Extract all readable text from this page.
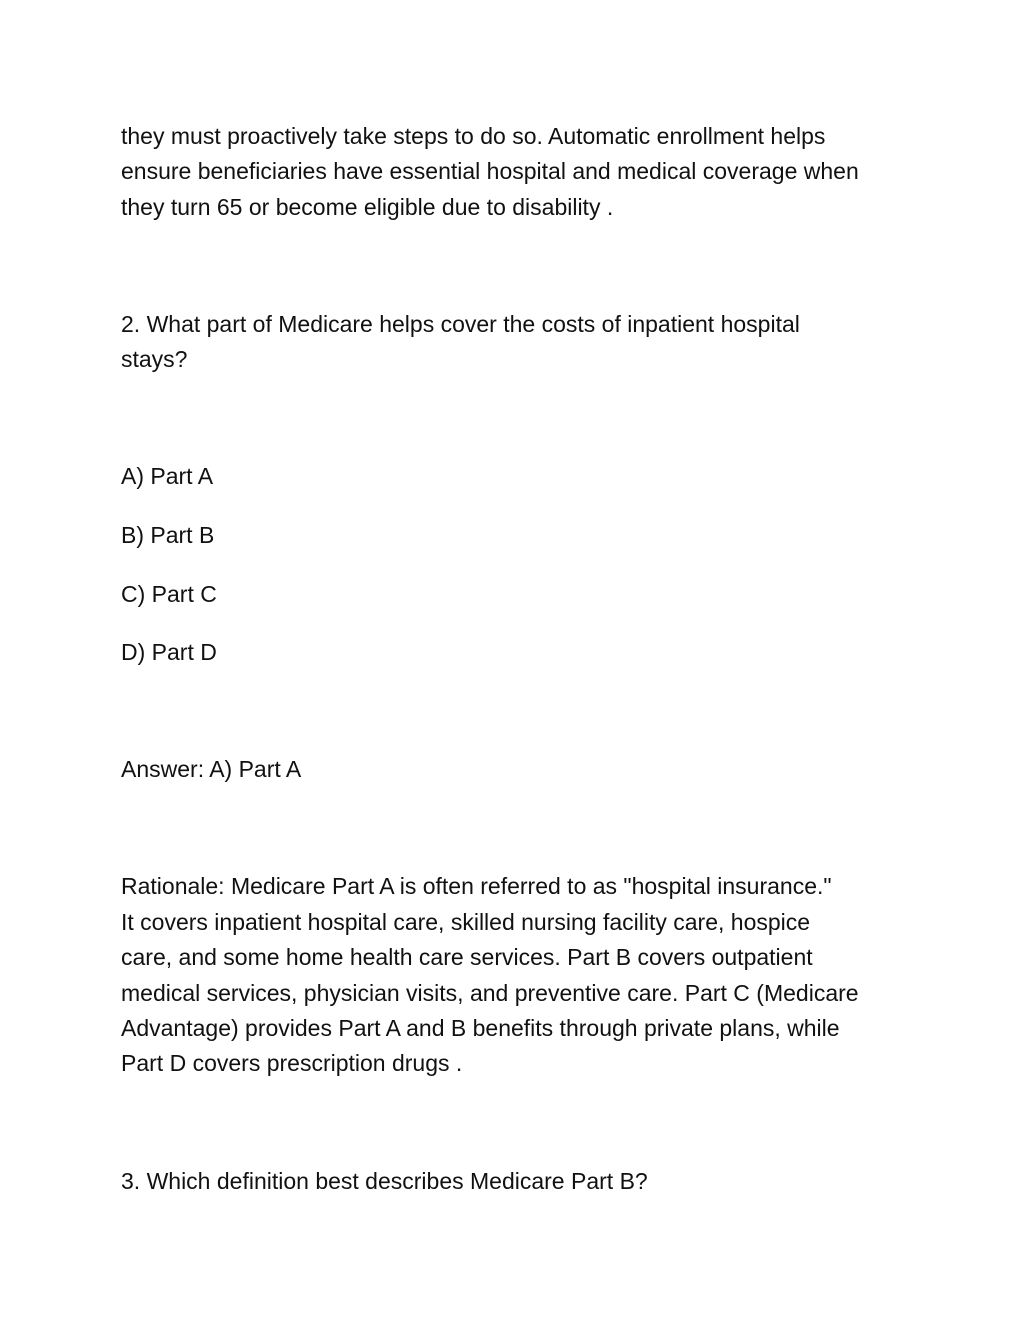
they must proactively take steps to do so. Automatic enrollment helps

ensure beneficiaries have essential hospital and medical coverage when

they turn 65 or become eligible due to disability .

2. What part of Medicare helps cover the costs of inpatient hospital

stays?

A) Part A

B) Part B

C) Part C

D) Part D

Answer: A) Part A

Rationale: Medicare Part A is often referred to as "hospital insurance."

It covers inpatient hospital care, skilled nursing facility care, hospice

care, and some home health care services. Part B covers outpatient

medical services, physician visits, and preventive care. Part C (Medicare

Advantage) provides Part A and B benefits through private plans, while

Part D covers prescription drugs .

3. Which definition best describes Medicare Part B?
